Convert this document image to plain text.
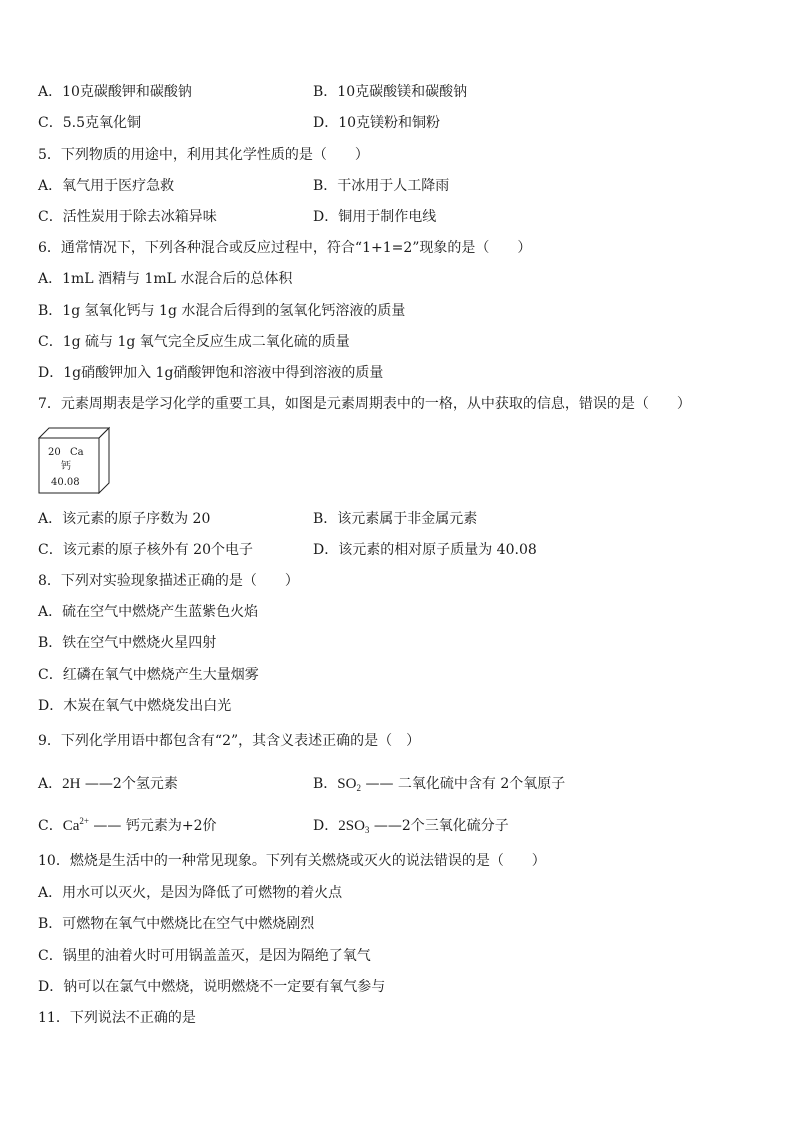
A．10克碳酸钾和碳酸钠	B．10克碳酸镁和碳酸钠
C．5.5克氧化铜	D．10克镁粉和铜粉
5．下列物质的用途中，利用其化学性质的是（　　）
A．氧气用于医疗急救	B．干冰用于人工降雨
C．活性炭用于除去冰箱异味	D．铜用于制作电线
6．通常情况下，下列各种混合或反应过程中，符合“1+1=2”现象的是（　　）
A．1mL 酒精与 1mL 水混合后的总体积
B．1g 氢氧化钙与 1g 水混合后得到的氢氧化钙溶液的质量
C．1g 硫与 1g 氧气完全反应生成二氧化硫的质量
D．1g硝酸钾加入 1g硝酸钾饱和溶液中得到溶液的质量
7．元素周期表是学习化学的重要工具，如图是元素周期表中的一格，从中获取的信息，错误的是（　　）
20 Ca
钙
40.08
A．该元素的原子序数为 20	B．该元素属于非金属元素
C．该元素的原子核外有 20个电子	D．该元素的相对原子质量为 40.08
8．下列对实验现象描述正确的是（　　）
A．硫在空气中燃烧产生蓝紫色火焰
B．铁在空气中燃烧火星四射
C．红磷在氧气中燃烧产生大量烟雾
D．木炭在氧气中燃烧发出白光
9．下列化学用语中都包含有“2”，其含义表述正确的是（　）
A．2H ——2个氢元素	B．$SO_2$ —— 二氧化硫中含有 2个氧原子
C．$Ca^{2+}$ —— 钙元素为+2价	D．$2SO_3$ ——2个三氧化硫分子
10．燃烧是生活中的一种常见现象。下列有关燃烧或灭火的说法错误的是（　　）
A．用水可以灭火，是因为降低了可燃物的着火点
B．可燃物在氧气中燃烧比在空气中燃烧剧烈
C．锅里的油着火时可用锅盖盖灭，是因为隔绝了氧气
D．钠可以在氯气中燃烧，说明燃烧不一定要有氧气参与
11．下列说法不正确的是
